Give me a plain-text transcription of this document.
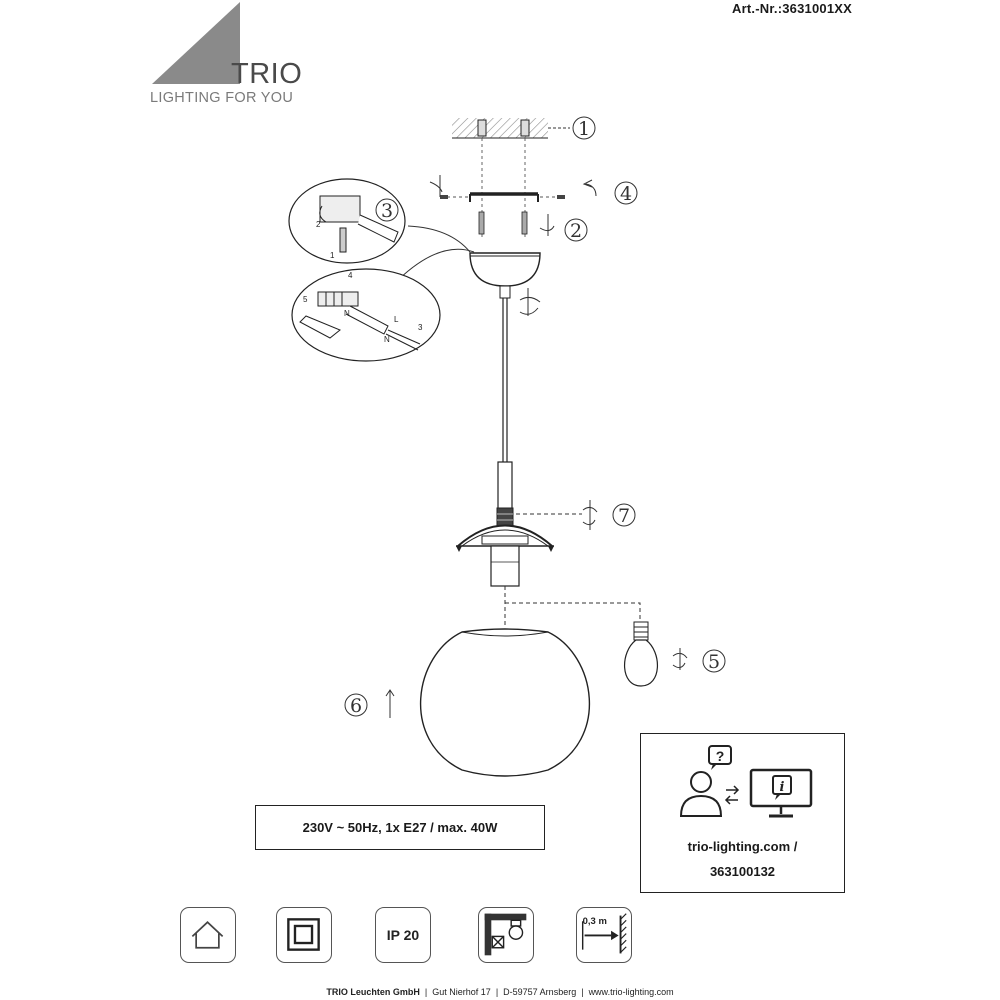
TRIO
LIGHTING FOR YOU
Art.-Nr.:3631001XX
2
1
4
5
L
N
N
3
1
2
3
4
5
6
7
230V ~ 50Hz, 1x E27 / max. 40W
?
i
trio-lighting.com /
363100132
IP 20
0,3 m
TRIO Leuchten GmbH  |  Gut Nierhof 17  |  D-59757 Arnsberg  |  www.trio-lighting.com
